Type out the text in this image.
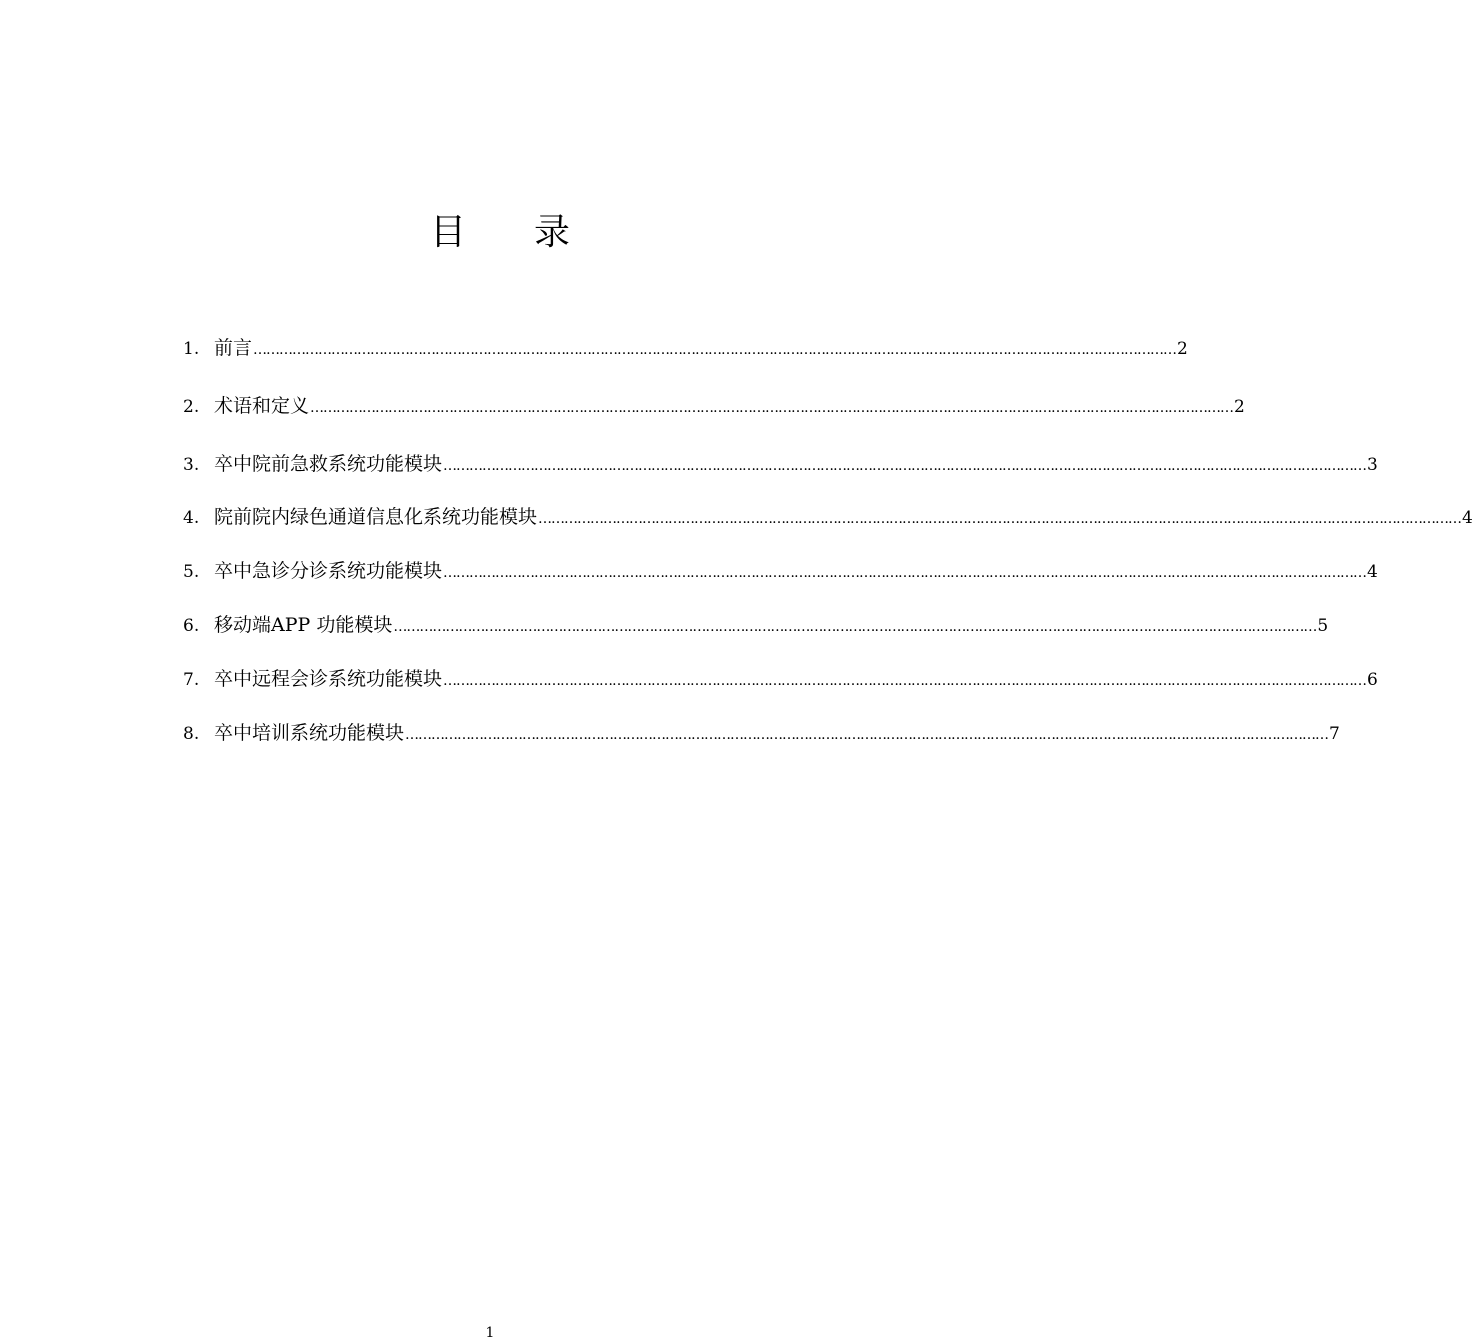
目 录
1. 前言 …………………………………………………………………………………………………………………………………………………………………………………………… 2
2. 术语和定义 …………………………………………………………………………………………………………………………………………………………………………………………… 2
3. 卒中院前急救系统功能模块 …………………………………………………………………………………………………………………………………………………………………………………………… 3
4. 院前院内绿色通道信息化系统功能模块 …………………………………………………………………………………………………………………………………………………………………………………………… 4
5. 卒中急诊分诊系统功能模块 …………………………………………………………………………………………………………………………………………………………………………………………… 4
6. 移动端APP 功能模块 …………………………………………………………………………………………………………………………………………………………………………………………… 5
7. 卒中远程会诊系统功能模块 …………………………………………………………………………………………………………………………………………………………………………………………… 6
8. 卒中培训系统功能模块 …………………………………………………………………………………………………………………………………………………………………………………………… 7
1
